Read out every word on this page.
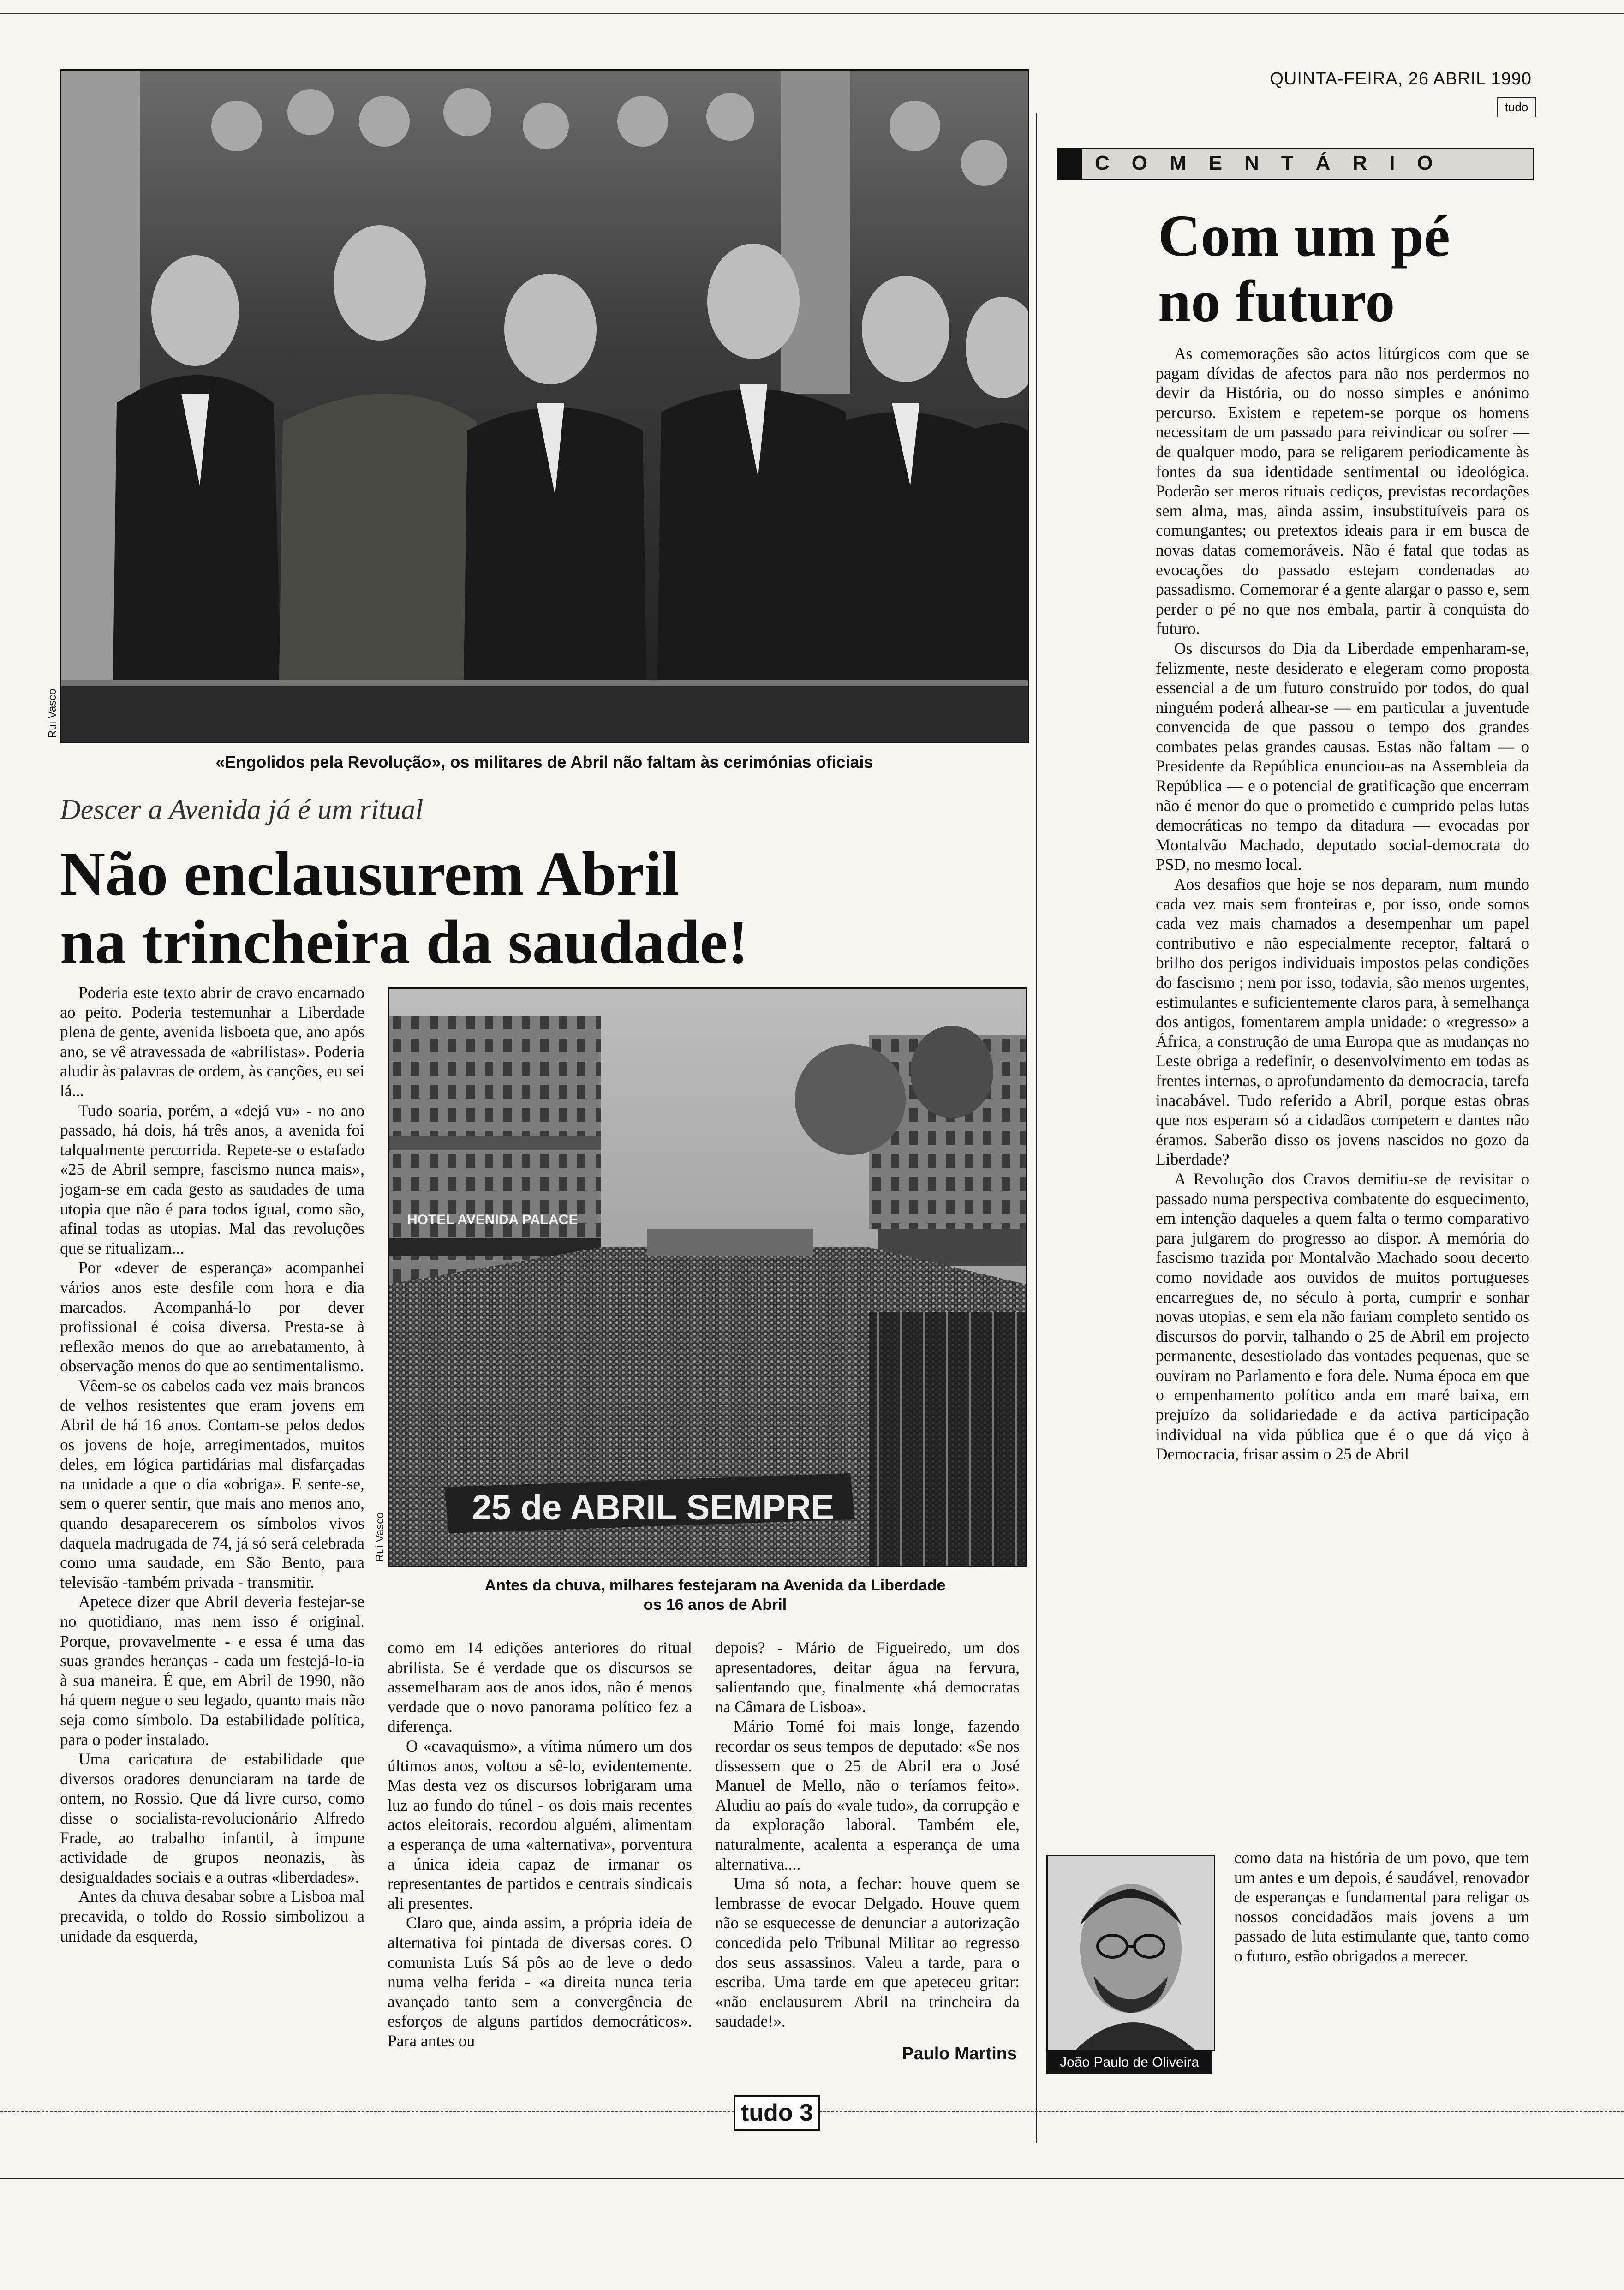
QUINTA-FEIRA, 26 ABRIL 1990
tudo
Rui Vasco
«Engolidos pela Revolução», os militares de Abril não faltam às cerimónias oficiais
Descer a Avenida já é um ritual
Não enclausurem Abril
na trincheira da saudade!

Poderia este texto abrir de cravo encarnado ao peito. Poderia testemunhar a Liberdade plena de gente, avenida lisboeta que, ano após ano, se vê atravessada de «abrilistas». Poderia aludir às palavras de ordem, às canções, eu sei lá...

Tudo soaria, porém, a «dejá vu» - no ano passado, há dois, há três anos, a avenida foi talqualmente percorrida. Repete-se o estafado «25 de Abril sempre, fascismo nunca mais», jogam-se em cada gesto as saudades de uma utopia que não é para todos igual, como são, afinal todas as utopias. Mal das revoluções que se ritualizam...

Por «dever de esperança» acompanhei vários anos este desfile com hora e dia marcados. Acompanhá-lo por dever profissional é coisa diversa. Presta-se à reflexão menos do que ao arrebatamento, à observação menos do que ao sentimentalismo.

Vêem-se os cabelos cada vez mais brancos de velhos resistentes que eram jovens em Abril de há 16 anos. Contam-se pelos dedos os jovens de hoje, arregimentados, muitos deles, em lógica partidárias mal disfarçadas na unidade a que o dia «obriga». E sente-se, sem o querer sentir, que mais ano menos ano, quando desaparecerem os símbolos vivos daquela madrugada de 74, já só será celebrada como uma saudade, em São Bento, para televisão -também privada - transmitir.

Apetece dizer que Abril deveria festejar-se no quotidiano, mas nem isso é original. Porque, provavelmente - e essa é uma das suas grandes heranças - cada um festejá-lo-ia à sua maneira. É que, em Abril de 1990, não há quem negue o seu legado, quanto mais não seja como símbolo. Da estabilidade política, para o poder instalado.

Uma caricatura de estabilidade que diversos oradores denunciaram na tarde de ontem, no Rossio. Que dá livre curso, como disse o socialista-revolucionário Alfredo Frade, ao trabalho infantil, à impune actividade de grupos neonazis, às desigualdades sociais e a outras «liberdades».

Antes da chuva desabar sobre a Lisboa mal precavida, o toldo do Rossio simbolizou a unidade da esquerda,

HOTEL AVENIDA PALACE
25 de ABRIL SEMPRE
Rui Vasco
Antes da chuva, milhares festejaram na Avenida da Liberdade
os 16 anos de Abril

como em 14 edições anteriores do ritual abrilista. Se é verdade que os discursos se assemelharam aos de anos idos, não é menos verdade que o novo panorama político fez a diferença.

O «cavaquismo», a vítima número um dos últimos anos, voltou a sê-lo, evidentemente. Mas desta vez os discursos lobrigaram uma luz ao fundo do túnel - os dois mais recentes actos eleitorais, recordou alguém, alimentam a esperança de uma «alternativa», porventura a única ideia capaz de irmanar os representantes de partidos e centrais sindicais ali presentes.

Claro que, ainda assim, a própria ideia de alternativa foi pintada de diversas cores. O comunista Luís Sá pôs ao de leve o dedo numa velha ferida - «a direita nunca teria avançado tanto sem a convergência de esforços de alguns partidos democráticos». Para antes ou

depois? - Mário de Figueiredo, um dos apresentadores, deitar água na fervura, salientando que, finalmente «há democratas na Câmara de Lisboa».

Mário Tomé foi mais longe, fazendo recordar os seus tempos de deputado: «Se nos dissessem que o 25 de Abril era o José Manuel de Mello, não o teríamos feito». Aludiu ao país do «vale tudo», da corrupção e da exploração laboral. Também ele, naturalmente, acalenta a esperança de uma alternativa....

Uma só nota, a fechar: houve quem se lembrasse de evocar Delgado. Houve quem não se esquecesse de denunciar a autorização concedida pelo Tribunal Militar ao regresso dos seus assassinos. Valeu a tarde, para o escriba. Uma tarde em que apeteceu gritar: «não enclausurem Abril na trincheira da saudade!».

Paulo Martins
COMENTÁRIO
Com um pé
no futuro

As comemorações são actos litúrgicos com que se pagam dívidas de afectos para não nos perdermos no devir da História, ou do nosso simples e anónimo percurso. Existem e repetem-se porque os homens necessitam de um passado para reivindicar ou sofrer — de qualquer modo, para se religarem periodicamente às fontes da sua identidade sentimental ou ideológica. Poderão ser meros rituais cediços, previstas recordações sem alma, mas, ainda assim, insubstituíveis para os comungantes; ou pretextos ideais para ir em busca de novas datas comemoráveis. Não é fatal que todas as evocações do passado estejam condenadas ao passadismo. Comemorar é a gente alargar o passo e, sem perder o pé no que nos embala, partir à conquista do futuro.

Os discursos do Dia da Liberdade empenharam-se, felizmente, neste desiderato e elegeram como proposta essencial a de um futuro construído por todos, do qual ninguém poderá alhear-se — em particular a juventude convencida de que passou o tempo dos grandes combates pelas grandes causas. Estas não faltam — o Presidente da República enunciou-as na Assembleia da República — e o potencial de gratificação que encerram não é menor do que o prometido e cumprido pelas lutas democráticas no tempo da ditadura — evocadas por Montalvão Machado, deputado social-democrata do PSD, no mesmo local.

Aos desafios que hoje se nos deparam, num mundo cada vez mais sem fronteiras e, por isso, onde somos cada vez mais chamados a desempenhar um papel contributivo e não especialmente receptor, faltará o brilho dos perigos individuais impostos pelas condições do fascismo ; nem por isso, todavia, são menos urgentes, estimulantes e suficientemente claros para, à semelhança dos antigos, fomentarem ampla unidade: o «regresso» a África, a construção de uma Europa que as mudanças no Leste obriga a redefinir, o desenvolvimento em todas as frentes internas, o aprofundamento da democracia, tarefa inacabável. Tudo referido a Abril, porque estas obras que nos esperam só a cidadãos competem e dantes não éramos. Saberão disso os jovens nascidos no gozo da Liberdade?

A Revolução dos Cravos demitiu-se de revisitar o passado numa perspectiva combatente do esquecimento, em intenção daqueles a quem falta o termo comparativo para julgarem do progresso ao dispor. A memória do fascismo trazida por Montalvão Machado soou decerto como novidade aos ouvidos de muitos portugueses encarregues de, no século à porta, cumprir e sonhar novas utopias, e sem ela não fariam completo sentido os discursos do porvir, talhando o 25 de Abril em projecto permanente, desestiolado das vontades pequenas, que se ouviram no Parlamento e fora dele. Numa época em que o empenhamento político anda em maré baixa, em prejuízo da solidariedade e da activa participação individual na vida pública que é o que dá viço à Democracia, frisar assim o 25 de Abril

como data na história de um povo, que tem um antes e um depois, é saudável, renovador de esperanças e fundamental para religar os nossos concidadãos mais jovens a um passado de luta estimulante que, tanto como o futuro, estão obrigados a merecer.

João Paulo de Oliveira
tudo 3
